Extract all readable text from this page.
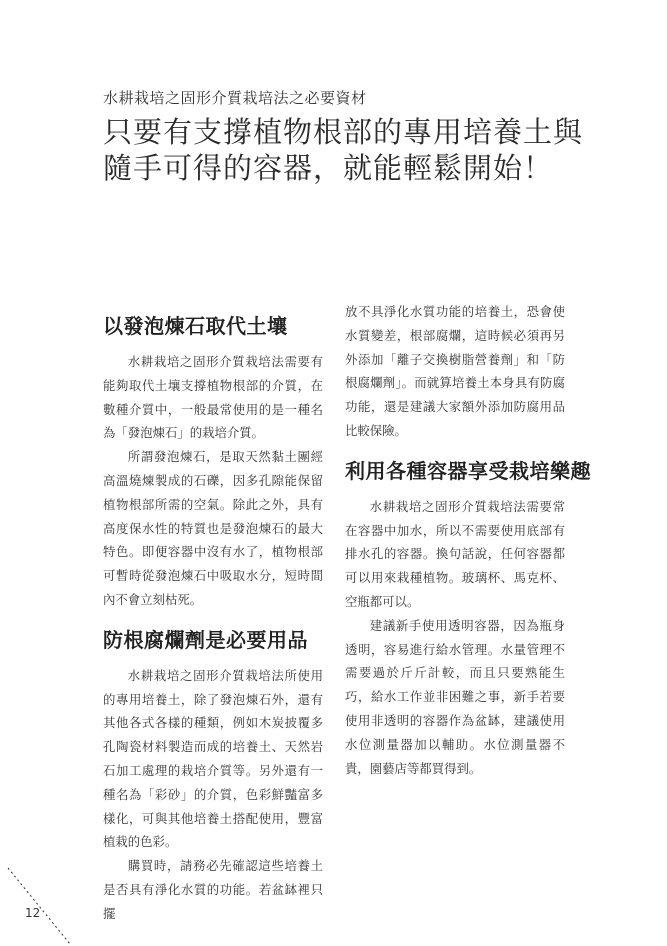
水耕栽培之固形介質栽培法之必要資材
只要有支撐植物根部的專用培養土與
隨手可得的容器，就能輕鬆開始！
以發泡煉石取代土壤

水耕栽培之固形介質栽培法需要有能夠取代土壤支撐植物根部的介質，在數種介質中，一般最常使用的是一種名為「發泡煉石」的栽培介質。

所謂發泡煉石，是取天然黏土團經高溫燒煉製成的石礫，因多孔隙能保留植物根部所需的空氣。除此之外，具有高度保水性的特質也是發泡煉石的最大特色。即便容器中沒有水了，植物根部可暫時從發泡煉石中吸取水分，短時間內不會立刻枯死。

防根腐爛劑是必要用品

水耕栽培之固形介質栽培法所使用的專用培養土，除了發泡煉石外，還有其他各式各樣的種類，例如木炭披覆多孔陶瓷材料製造而成的培養土、天然岩石加工處理的栽培介質等。另外還有一種名為「彩砂」的介質，色彩鮮豔富多樣化，可與其他培養土搭配使用，豐富植栽的色彩。

購買時，請務必先確認這些培養土是否具有淨化水質的功能。若盆缽裡只擺

放不具淨化水質功能的培養土，恐會使水質變差，根部腐爛，這時候必須再另外添加「離子交換樹脂營養劑」和「防根腐爛劑」。而就算培養土本身具有防腐功能，還是建議大家額外添加防腐用品比較保險。

利用各種容器享受栽培樂趣

水耕栽培之固形介質栽培法需要常在容器中加水，所以不需要使用底部有排水孔的容器。換句話說，任何容器都可以用來栽種植物。玻璃杯、馬克杯、空瓶都可以。

建議新手使用透明容器，因為瓶身透明，容易進行給水管理。水量管理不需要過於斤斤計較，而且只要熟能生巧，給水工作並非困難之事，新手若要使用非透明的容器作為盆缽，建議使用水位測量器加以輔助。水位測量器不貴，園藝店等都買得到。

12
